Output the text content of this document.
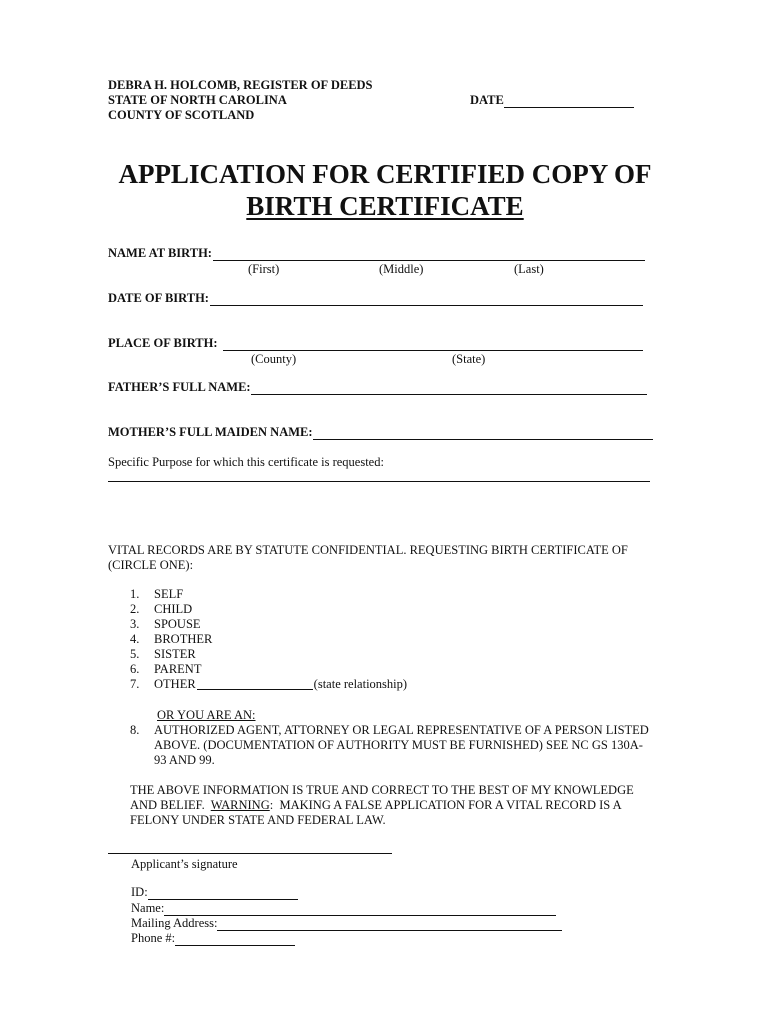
DEBRA H. HOLCOMB, REGISTER OF DEEDS
STATE OF NORTH CAROLINA
COUNTY OF SCOTLAND
DATE
APPLICATION FOR CERTIFIED COPY OF
BIRTH CERTIFICATE
NAME AT BIRTH:
(First)	(Middle)	(Last)
DATE OF BIRTH:
PLACE OF BIRTH:
(County)	(State)
FATHER’S FULL NAME:
MOTHER’S FULL MAIDEN NAME:
Specific Purpose for which this certificate is requested:
VITAL RECORDS ARE BY STATUTE CONFIDENTIAL. REQUESTING BIRTH CERTIFICATE OF
(CIRCLE ONE):
1.	SELF
2.	CHILD
3.	SPOUSE
4.	BROTHER
5.	SISTER
6.	PARENT
7.	OTHER	(state relationship)
OR YOU ARE AN:
8.	AUTHORIZED AGENT, ATTORNEY OR LEGAL REPRESENTATIVE OF A PERSON LISTED
ABOVE. (DOCUMENTATION OF AUTHORITY MUST BE FURNISHED) SEE NC GS 130A-
93 AND 99.
THE ABOVE INFORMATION IS TRUE AND CORRECT TO THE BEST OF MY KNOWLEDGE
AND BELIEF.  WARNING:  MAKING A FALSE APPLICATION FOR A VITAL RECORD IS A
FELONY UNDER STATE AND FEDERAL LAW.
Applicant’s signature
ID:
Name:
Mailing Address:
Phone #:
